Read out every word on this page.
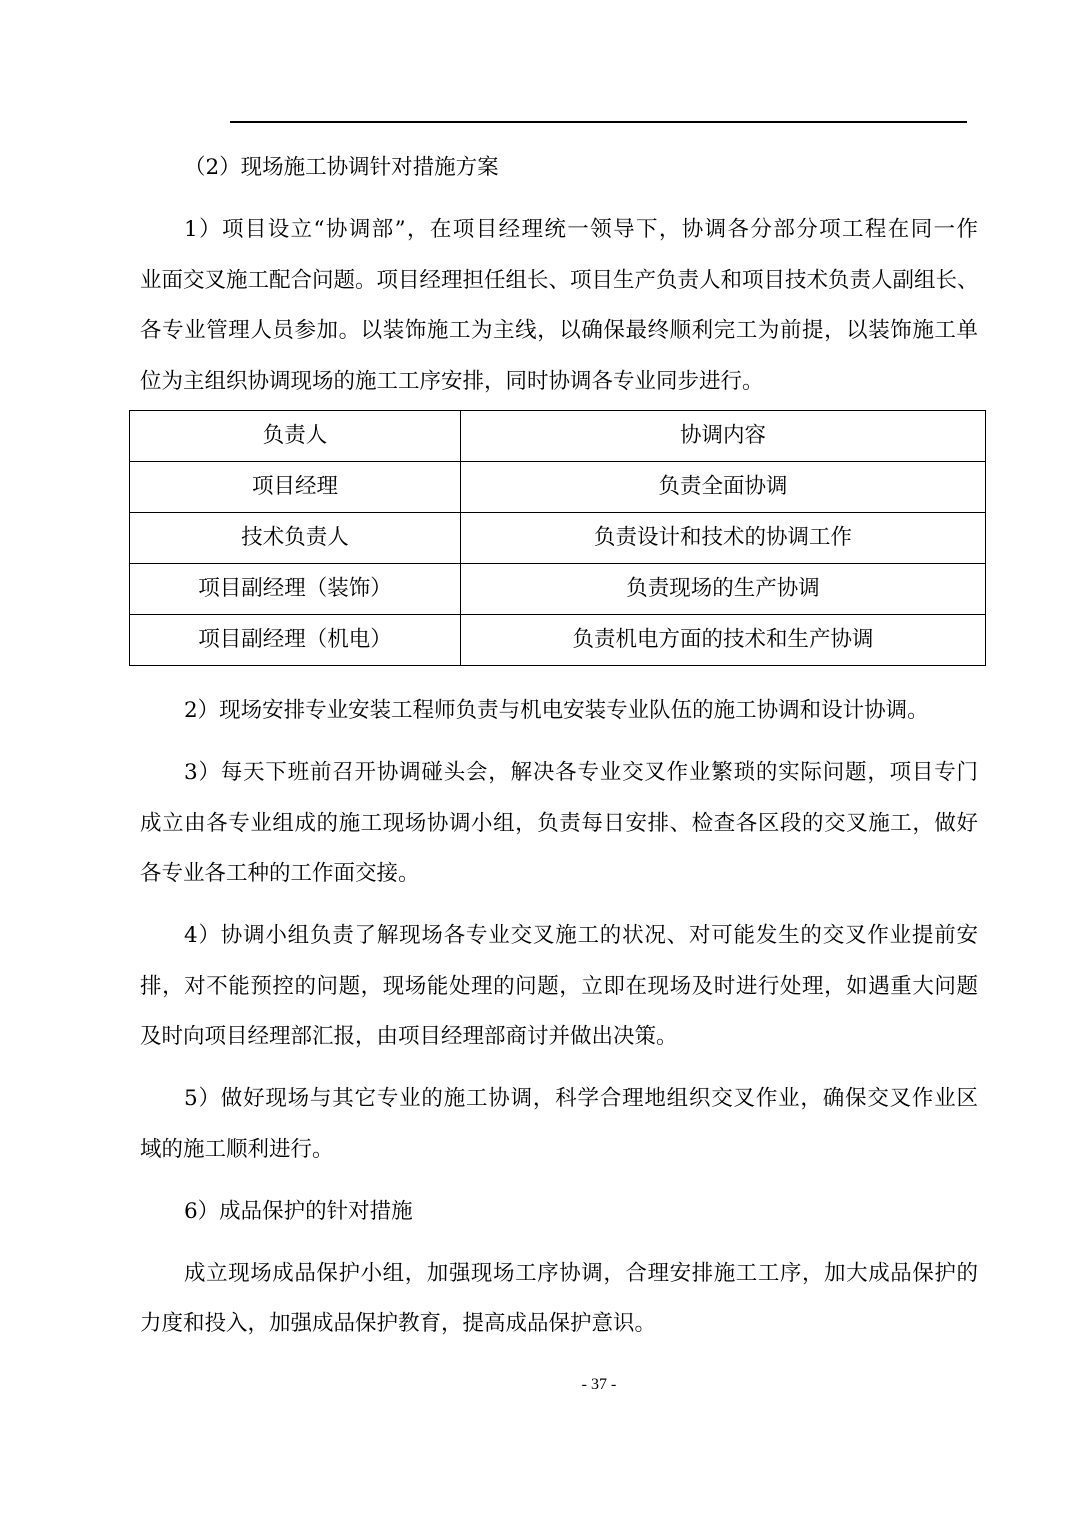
（2）现场施工协调针对措施方案
1）项目设立“协调部”，在项目经理统一领导下，协调各分部分项工程在同一作
业面交叉施工配合问题。项目经理担任组长、项目生产负责人和项目技术负责人副组长、
各专业管理人员参加。以装饰施工为主线，以确保最终顺利完工为前提，以装饰施工单
位为主组织协调现场的施工工序安排，同时协调各专业同步进行。
负责人	协调内容
项目经理	负责全面协调
技术负责人	负责设计和技术的协调工作
项目副经理（装饰）	负责现场的生产协调
项目副经理（机电）	负责机电方面的技术和生产协调
2）现场安排专业安装工程师负责与机电安装专业队伍的施工协调和设计协调。
3）每天下班前召开协调碰头会，解决各专业交叉作业繁琐的实际问题，项目专门
成立由各专业组成的施工现场协调小组，负责每日安排、检查各区段的交叉施工，做好
各专业各工种的工作面交接。
4）协调小组负责了解现场各专业交叉施工的状况、对可能发生的交叉作业提前安
排，对不能预控的问题，现场能处理的问题，立即在现场及时进行处理，如遇重大问题
及时向项目经理部汇报，由项目经理部商讨并做出决策。
5）做好现场与其它专业的施工协调，科学合理地组织交叉作业，确保交叉作业区
域的施工顺利进行。
6）成品保护的针对措施
成立现场成品保护小组，加强现场工序协调，合理安排施工工序，加大成品保护的
力度和投入，加强成品保护教育，提高成品保护意识。
- 37 -
